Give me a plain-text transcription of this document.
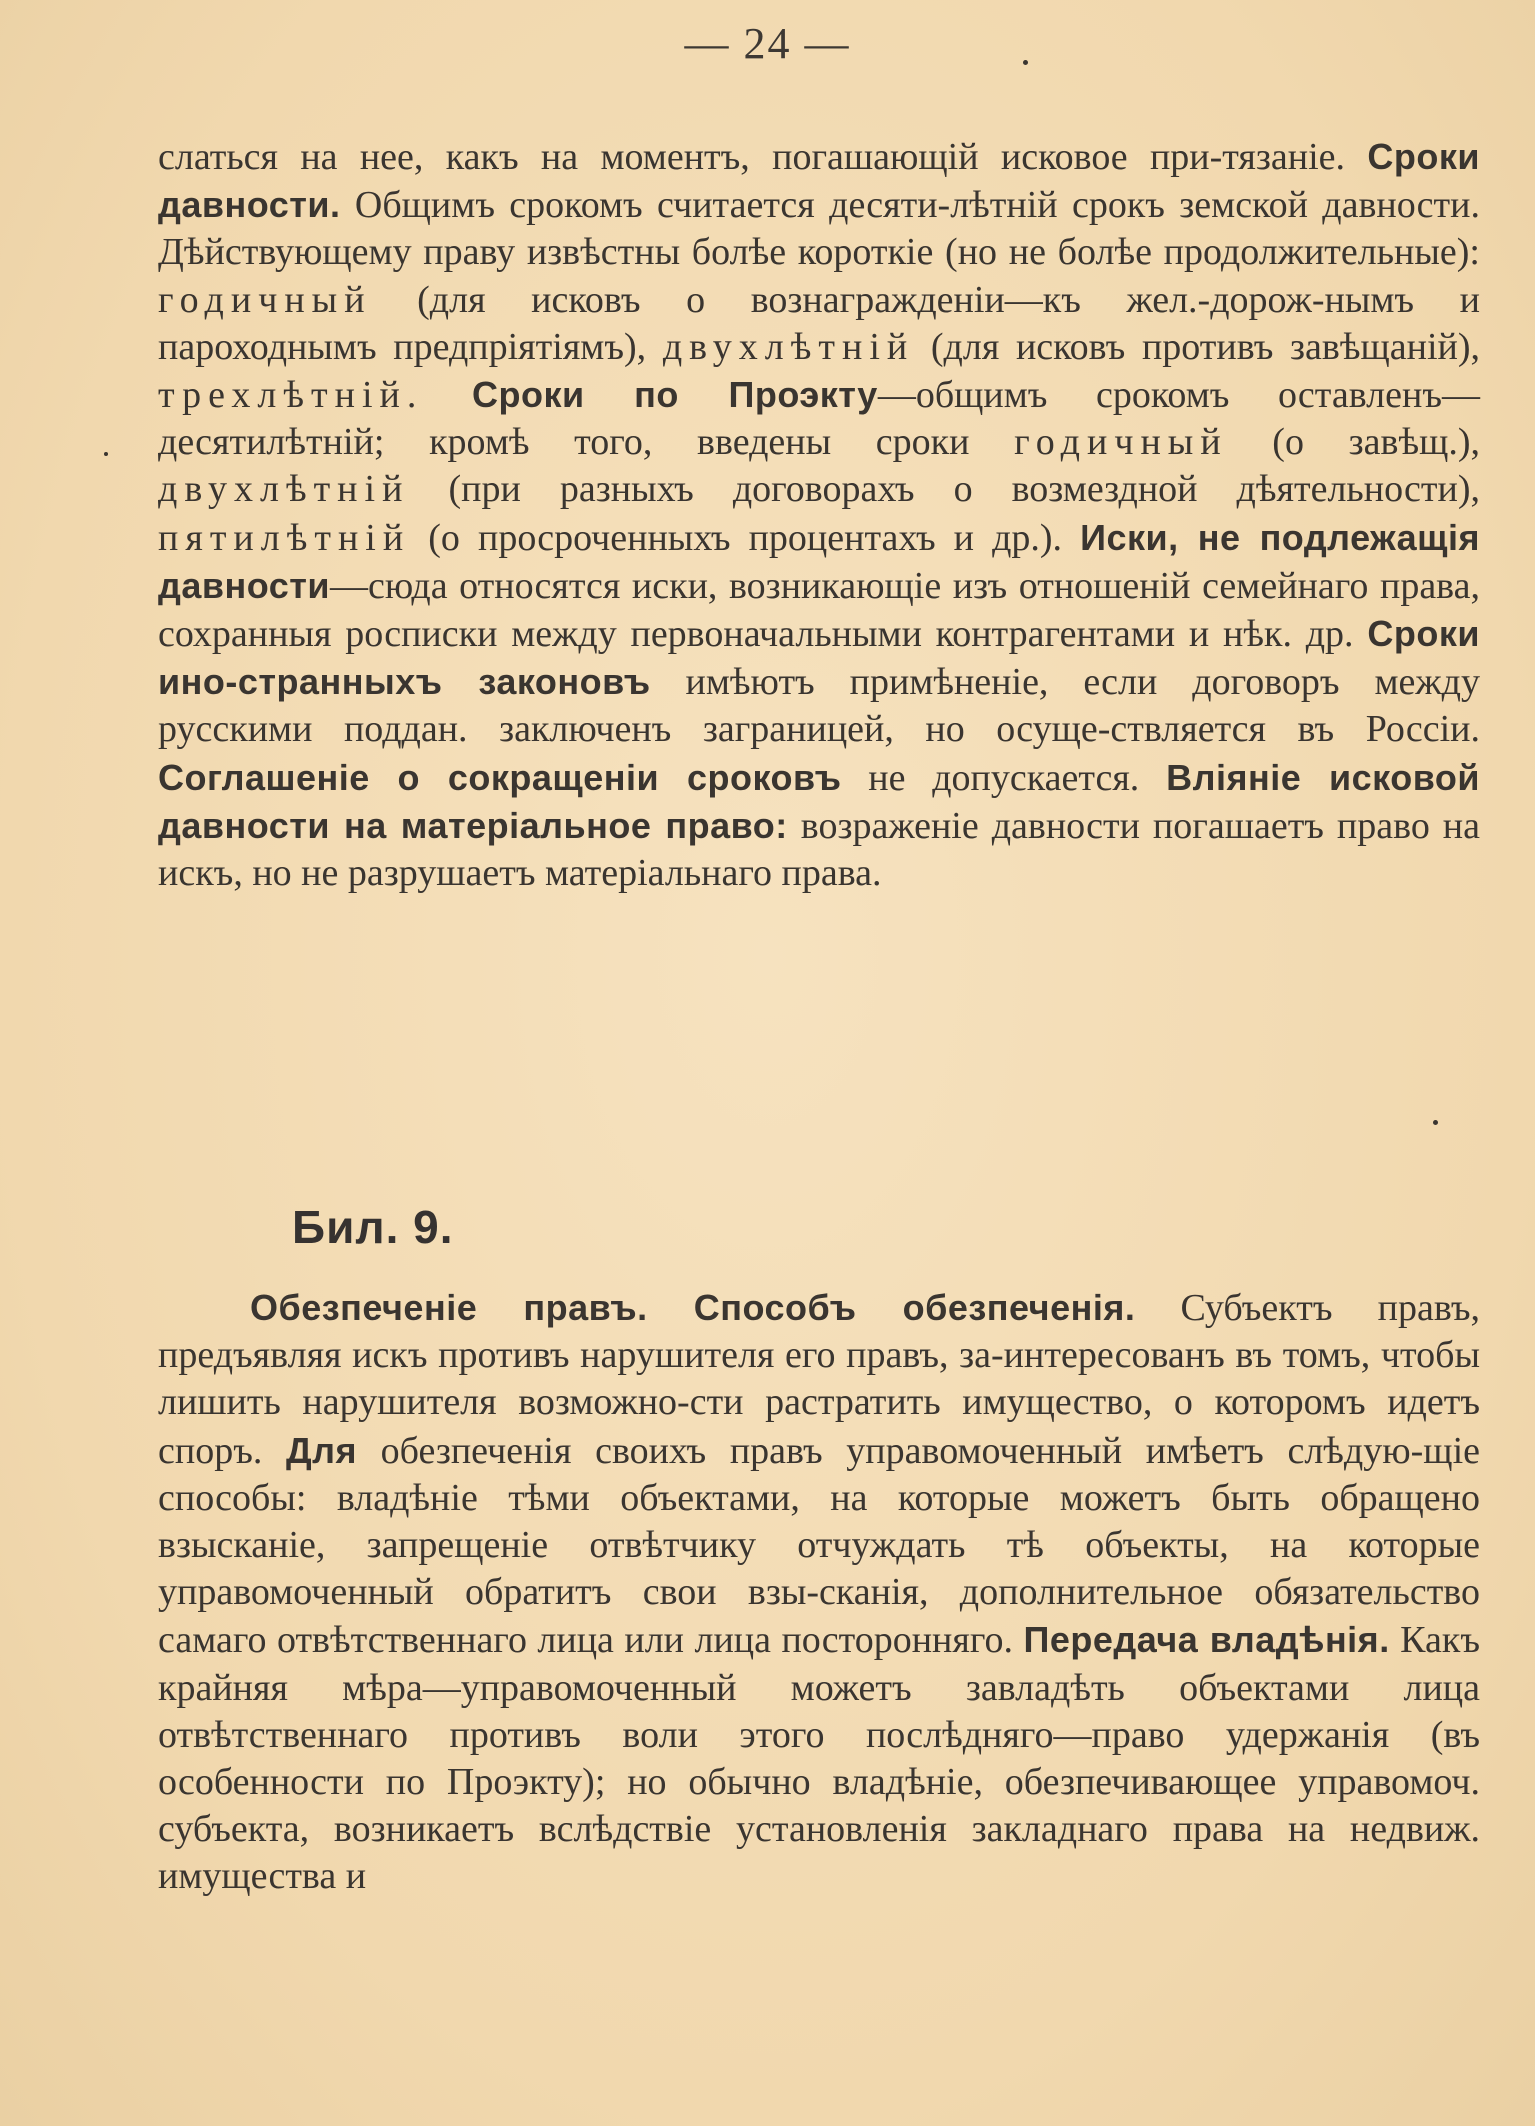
— 24 —

слаться на нее, какъ на моментъ, погашающій исковое при-тязаніе. Сроки давности. Общимъ срокомъ считается десяти-лѣтній срокъ земской давности. Дѣйствующему праву извѣстны болѣе короткіе (но не болѣе продолжительные): годичный (для исковъ о вознагражденіи—къ жел.-дорож-нымъ и пароходнымъ предпріятіямъ), двухлѣтній (для исковъ противъ завѣщаній), трехлѣтній. Сроки по Проэкту—общимъ срокомъ оставленъ—десятилѣтній; кромѣ того, введены сроки годичный (о завѣщ.), двухлѣтній (при разныхъ договорахъ о возмездной дѣятельности), пятилѣтній (о просроченныхъ процентахъ и др.). Иски, не подлежащія давности—сюда относятся иски, возникающіе изъ отношеній семейнаго права, сохранныя росписки между первоначальными контрагентами и нѣк. др. Сроки ино-странныхъ законовъ имѣютъ примѣненіе, если договоръ между русскими поддан. заключенъ заграницей, но осуще-ствляется въ Россіи. Соглашеніе о сокращеніи сроковъ не допускается. Вліяніе исковой давности на матеріальное право: возраженіе давности погашаетъ право на искъ, но не разрушаетъ матеріальнаго права.

Бил. 9.

Обезпеченіе правъ. Способъ обезпеченія. Субъектъ правъ, предъявляя искъ противъ нарушителя его правъ, за-интересованъ въ томъ, чтобы лишить нарушителя возможно-сти растратить имущество, о которомъ идетъ споръ. Для обезпеченія своихъ правъ управомоченный имѣетъ слѣдую-щіе способы: владѣніе тѣми объектами, на которые можетъ быть обращено взысканіе, запрещеніе отвѣтчику отчуждать тѣ объекты, на которые управомоченный обратитъ свои взы-сканія, дополнительное обязательство самаго отвѣтственнаго лица или лица посторонняго. Передача владѣнія. Какъ крайняя мѣра—управомоченный можетъ завладѣть объектами лица отвѣтственнаго противъ воли этого послѣдняго—право удержанія (въ особенности по Проэкту); но обычно владѣніе, обезпечивающее управомоч. субъекта, возникаетъ вслѣдствіе установленія закладнаго права на недвиж. имущества и
